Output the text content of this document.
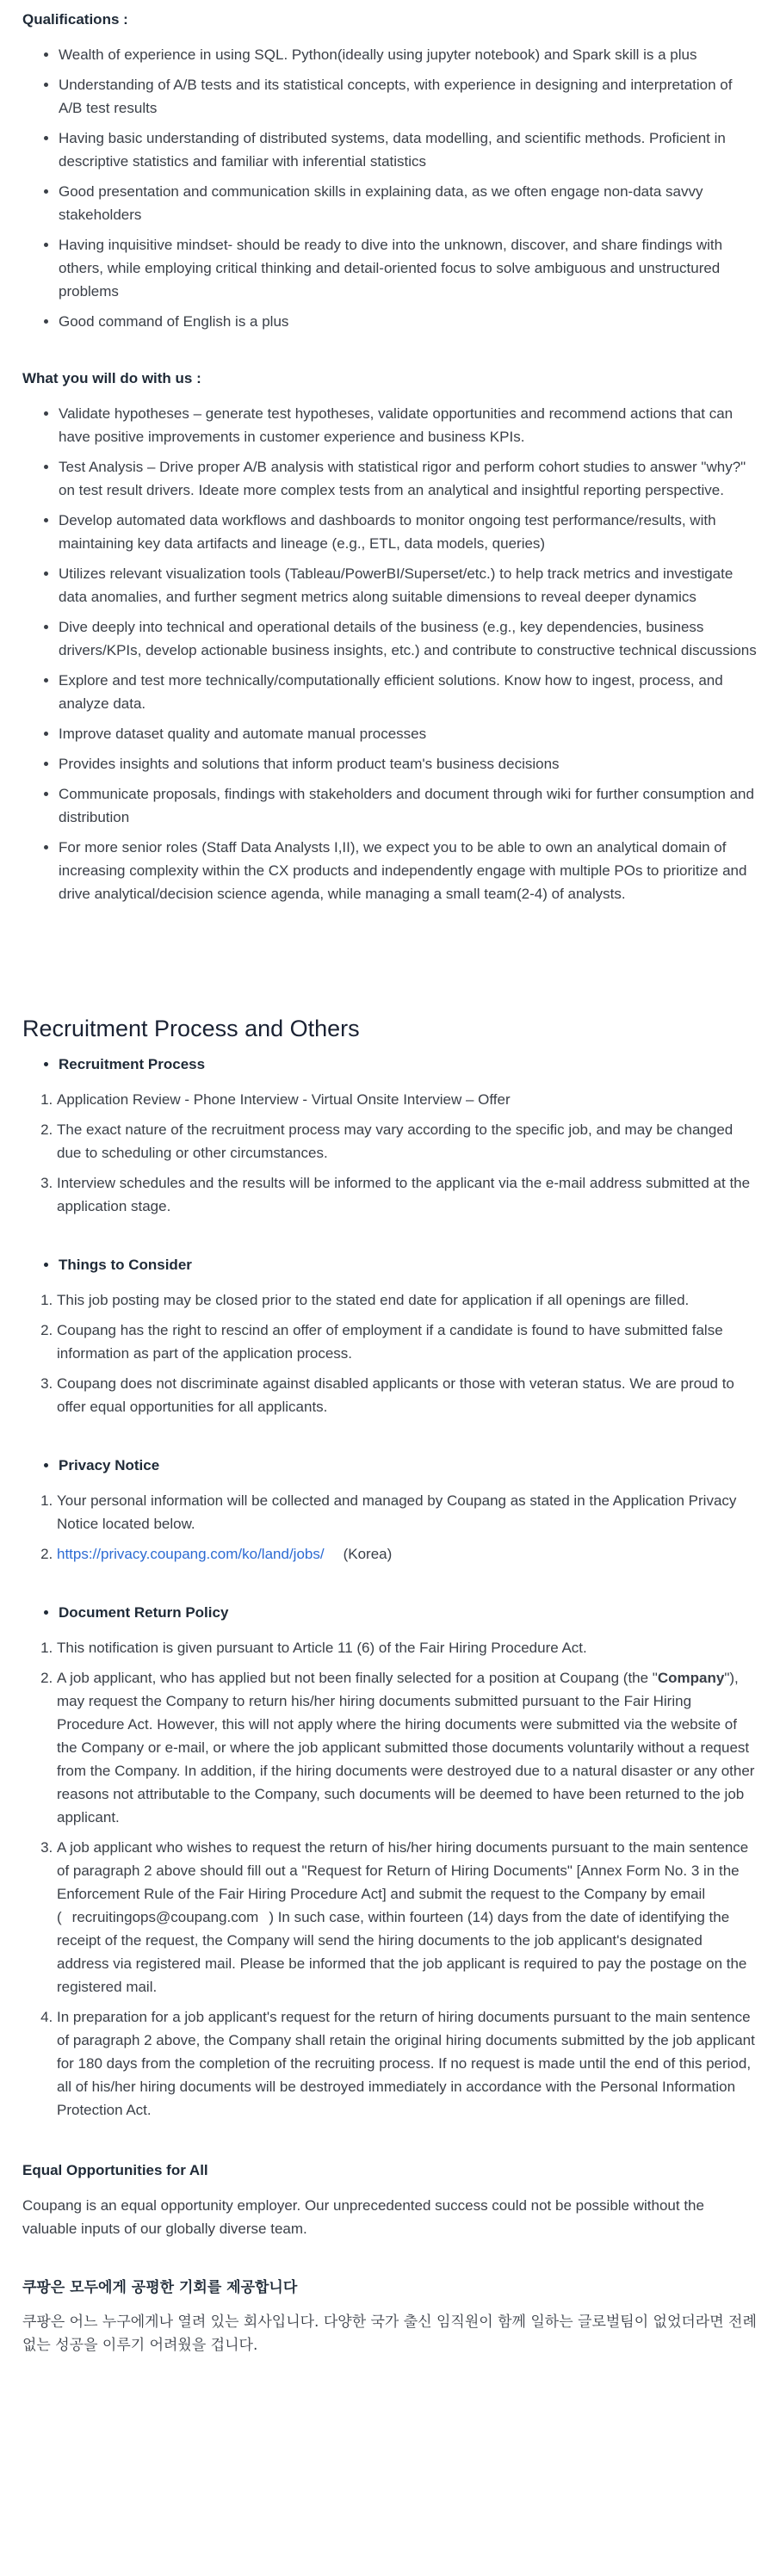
Qualifications :

• Wealth of experience in using SQL. Python(ideally using jupyter notebook) and Spark skill is a plus
• Understanding of A/B tests and its statistical concepts, with experience in designing and interpretation of A/B test results
• Having basic understanding of distributed systems, data modelling, and scientific methods. Proficient in descriptive statistics and familiar with inferential statistics
• Good presentation and communication skills in explaining data, as we often engage non-data savvy stakeholders
• Having inquisitive mindset- should be ready to dive into the unknown, discover, and share findings with others, while employing critical thinking and detail-oriented focus to solve ambiguous and unstructured problems
• Good command of English is a plus

What you will do with us :

• Validate hypotheses – generate test hypotheses, validate opportunities and recommend actions that can have positive improvements in customer experience and business KPIs.
• Test Analysis – Drive proper A/B analysis with statistical rigor and perform cohort studies to answer "why?" on test result drivers. Ideate more complex tests from an analytical and insightful reporting perspective.
• Develop automated data workflows and dashboards to monitor ongoing test performance/results, with maintaining key data artifacts and lineage (e.g., ETL, data models, queries)
• Utilizes relevant visualization tools (Tableau/PowerBI/Superset/etc.) to help track metrics and investigate data anomalies, and further segment metrics along suitable dimensions to reveal deeper dynamics
• Dive deeply into technical and operational details of the business (e.g., key dependencies, business drivers/KPIs, develop actionable business insights, etc.) and contribute to constructive technical discussions
• Explore and test more technically/computationally efficient solutions. Know how to ingest, process, and analyze data.
• Improve dataset quality and automate manual processes
• Provides insights and solutions that inform product team's business decisions
• Communicate proposals, findings with stakeholders and document through wiki for further consumption and distribution
• For more senior roles (Staff Data Analysts I,II), we expect you to be able to own an analytical domain of increasing complexity within the CX products and independently engage with multiple POs to prioritize and drive analytical/decision science agenda, while managing a small team(2-4) of analysts.
Recruitment Process and Others
• Recruitment Process
1. Application Review - Phone Interview - Virtual Onsite Interview – Offer
2. The exact nature of the recruitment process may vary according to the specific job, and may be changed due to scheduling or other circumstances.
3. Interview schedules and the results will be informed to the applicant via the e-mail address submitted at the application stage.
• Things to Consider
1. This job posting may be closed prior to the stated end date for application if all openings are filled.
2. Coupang has the right to rescind an offer of employment if a candidate is found to have submitted false information as part of the application process.
3. Coupang does not discriminate against disabled applicants or those with veteran status. We are proud to offer equal opportunities for all applicants.
• Privacy Notice
1. Your personal information will be collected and managed by Coupang as stated in the Application Privacy Notice located below.
2. https://privacy.coupang.com/ko/land/jobs/ (Korea)
• Document Return Policy
1. This notification is given pursuant to Article 11 (6) of the Fair Hiring Procedure Act.
2. A job applicant, who has applied but not been finally selected for a position at Coupang (the "Company"), may request the Company to return his/her hiring documents submitted pursuant to the Fair Hiring Procedure Act. However, this will not apply where the hiring documents were submitted via the website of the Company or e-mail, or where the job applicant submitted those documents voluntarily without a request from the Company. In addition, if the hiring documents were destroyed due to a natural disaster or any other reasons not attributable to the Company, such documents will be deemed to have been returned to the job applicant.
3. A job applicant who wishes to request the return of his/her hiring documents pursuant to the main sentence of paragraph 2 above should fill out a "Request for Return of Hiring Documents" [Annex Form No. 3 in the Enforcement Rule of the Fair Hiring Procedure Act] and submit the request to the Company by email ( recruitingops@coupang.com ) In such case, within fourteen (14) days from the date of identifying the receipt of the request, the Company will send the hiring documents to the job applicant's designated address via registered mail. Please be informed that the job applicant is required to pay the postage on the registered mail.
4. In preparation for a job applicant's request for the return of hiring documents pursuant to the main sentence of paragraph 2 above, the Company shall retain the original hiring documents submitted by the job applicant for 180 days from the completion of the recruiting process. If no request is made until the end of this period, all of his/her hiring documents will be destroyed immediately in accordance with the Personal Information Protection Act.

Equal Opportunities for All

Coupang is an equal opportunity employer. Our unprecedented success could not be possible without the valuable inputs of our globally diverse team.

쿠팡은 모두에게 공평한 기회를 제공합니다

쿠팡은 어느 누구에게나 열려 있는 회사입니다. 다양한 국가 출신 임직원이 함께 일하는 글로벌팀이 없었더라면 전례없는 성공을 이루기 어려웠을 겁니다.
